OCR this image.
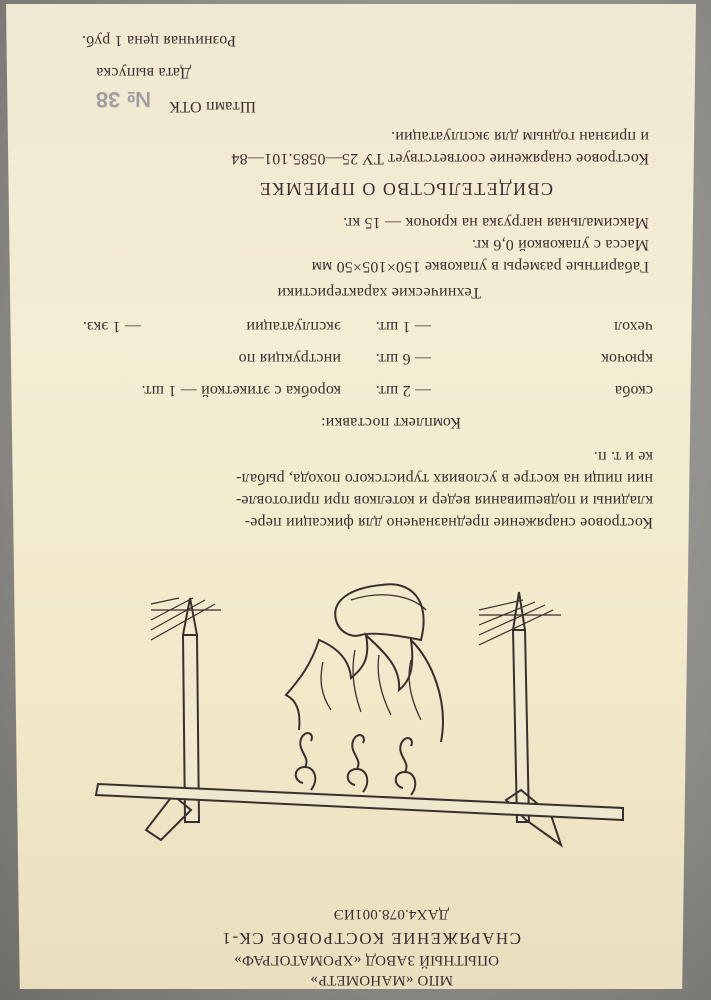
МПО «МАНОМЕТР»
ОПЫТНЫЙ ЗАВОД «ХРОМАТОГРАФ»
СНАРЯЖЕНИЕ КОСТРОВОЕ СК-1
ДАХ4.078.001ИЭ
Костровое снаряжение предназначено для фиксации пере-
кладины и подвешивания ведер и котелков при приготовле-
нии пищи на костре в условиях туристского похода, рыбал-
ке и т. п.
Комплект поставки:
скоба
— 2 шт.
коробка с этикеткой — 1 шт.
крючок
— 6 шт.
инструкция по
чехол
— 1 шт.
эксплуатации
— 1 экз.
Технические характеристики
Габаритные размеры в упаковке 150×105×50 мм
Масса с упаковкой 0,6 кг.
Максимальная нагрузка на крючок — 15 кг.
СВИДЕТЕЛЬСТВО О ПРИЕМКЕ
Костровое снаряжение соответствует ТУ 25—0585.101—84
и признан годным для эксплуатации.
Штамп ОТК
Дата выпуска
Розничная цена 1 руб.
№ 38
